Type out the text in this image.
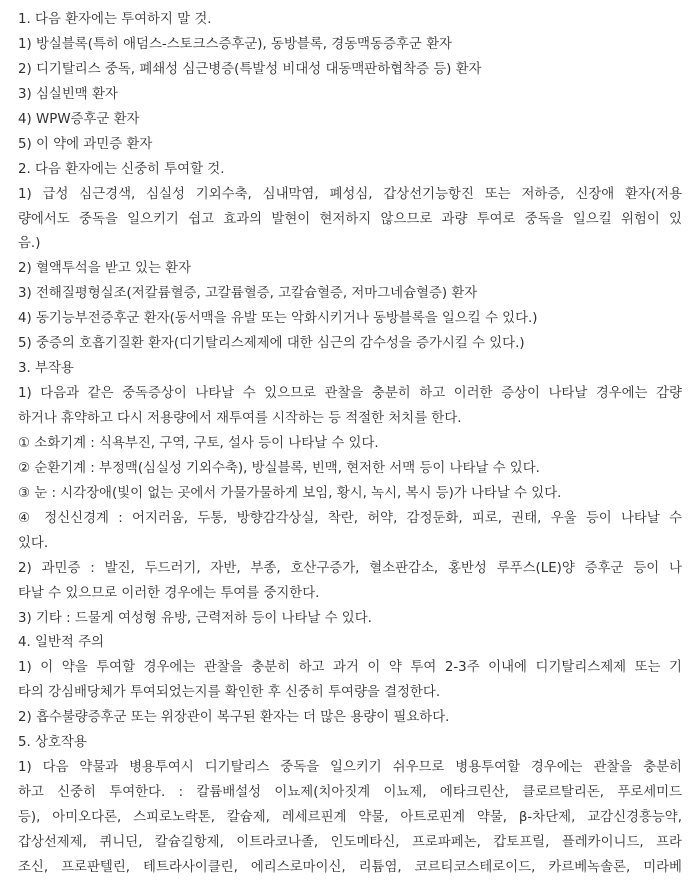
1. 다음 환자에는 투여하지 말 것.
1) 방실블록(특히 애덤스-스토크스증후군), 동방블록, 경동맥동증후군 환자
2) 디기탈리스 중독, 폐쇄성 심근병증(특발성 비대성 대동맥판하협착증 등) 환자
3) 심실빈맥 환자
4) WPW증후군 환자
5) 이 약에 과민증 환자
2. 다음 환자에는 신중히 투여할 것.
1) 급성 심근경색, 심실성 기외수축, 심내막염, 폐성심, 갑상선기능항진 또는 저하증, 신장애 환자(저용
량에서도 중독을 일으키기 쉽고 효과의 발현이 현저하지 않으므로 과량 투여로 중독을 일으킬 위험이 있
음.)
2) 혈액투석을 받고 있는 환자
3) 전해질평형실조(저칼륨혈증, 고칼륨혈증, 고칼슘혈증, 저마그네슘혈증) 환자
4) 동기능부전증후군 환자(동서맥을 유발 또는 악화시키거나 동방블록을 일으킬 수 있다.)
5) 중증의 호흡기질환 환자(디기탈리스제제에 대한 심근의 감수성을 증가시킬 수 있다.)
3. 부작용
1) 다음과 같은 중독증상이 나타날 수 있으므로 관찰을 충분히 하고 이러한 증상이 나타날 경우에는 감량
하거나 휴약하고 다시 저용량에서 재투여를 시작하는 등 적절한 처치를 한다.
① 소화기계 : 식욕부진, 구역, 구토, 설사 등이 나타날 수 있다.
② 순환기계 : 부정맥(심실성 기외수축), 방실블록, 빈맥, 현저한 서맥 등이 나타날 수 있다.
③ 눈 : 시각장애(빛이 없는 곳에서 가물가물하게 보임, 황시, 녹시, 복시 등)가 나타날 수 있다.
④ 정신신경계 : 어지러움, 두통, 방향감각상실, 착란, 허약, 감정둔화, 피로, 권태, 우울 등이 나타날 수
있다.
2) 과민증 : 발진, 두드러기, 자반, 부종, 호산구증가, 혈소판감소, 홍반성 루푸스(LE)양 증후군 등이 나
타날 수 있으므로 이러한 경우에는 투여를 중지한다.
3) 기타 : 드물게 여성형 유방, 근력저하 등이 나타날 수 있다.
4. 일반적 주의
1) 이 약을 투여할 경우에는 관찰을 충분히 하고 과거 이 약 투여 2-3주 이내에 디기탈리스제제 또는 기
타의 강심배당체가 투여되었는지를 확인한 후 신중히 투여량을 결정한다.
2) 흡수불량증후군 또는 위장관이 복구된 환자는 더 많은 용량이 필요하다.
5. 상호작용
1) 다음 약물과 병용투여시 디기탈리스 중독을 일으키기 쉬우므로 병용투여할 경우에는 관찰을 충분히
하고 신중히 투여한다. : 칼륨배설성 이뇨제(치아짓계 이뇨제, 에타크린산, 클로르탈리돈, 푸로세미드
등), 아미오다론, 스피로노락톤, 칼슘제, 레세르핀계 약물, 아트로핀계 약물, β-차단제, 교감신경흥능약,
갑상선제제, 퀴니딘, 칼슘길항제, 이트라코나졸, 인도메타신, 프로파페논, 캅토프릴, 플레카이니드, 프라
조신, 프로판텔린, 테트라사이클린, 에리스로마이신, 리튬염, 코르티코스테로이드, 카르베녹솔론, 미라베
